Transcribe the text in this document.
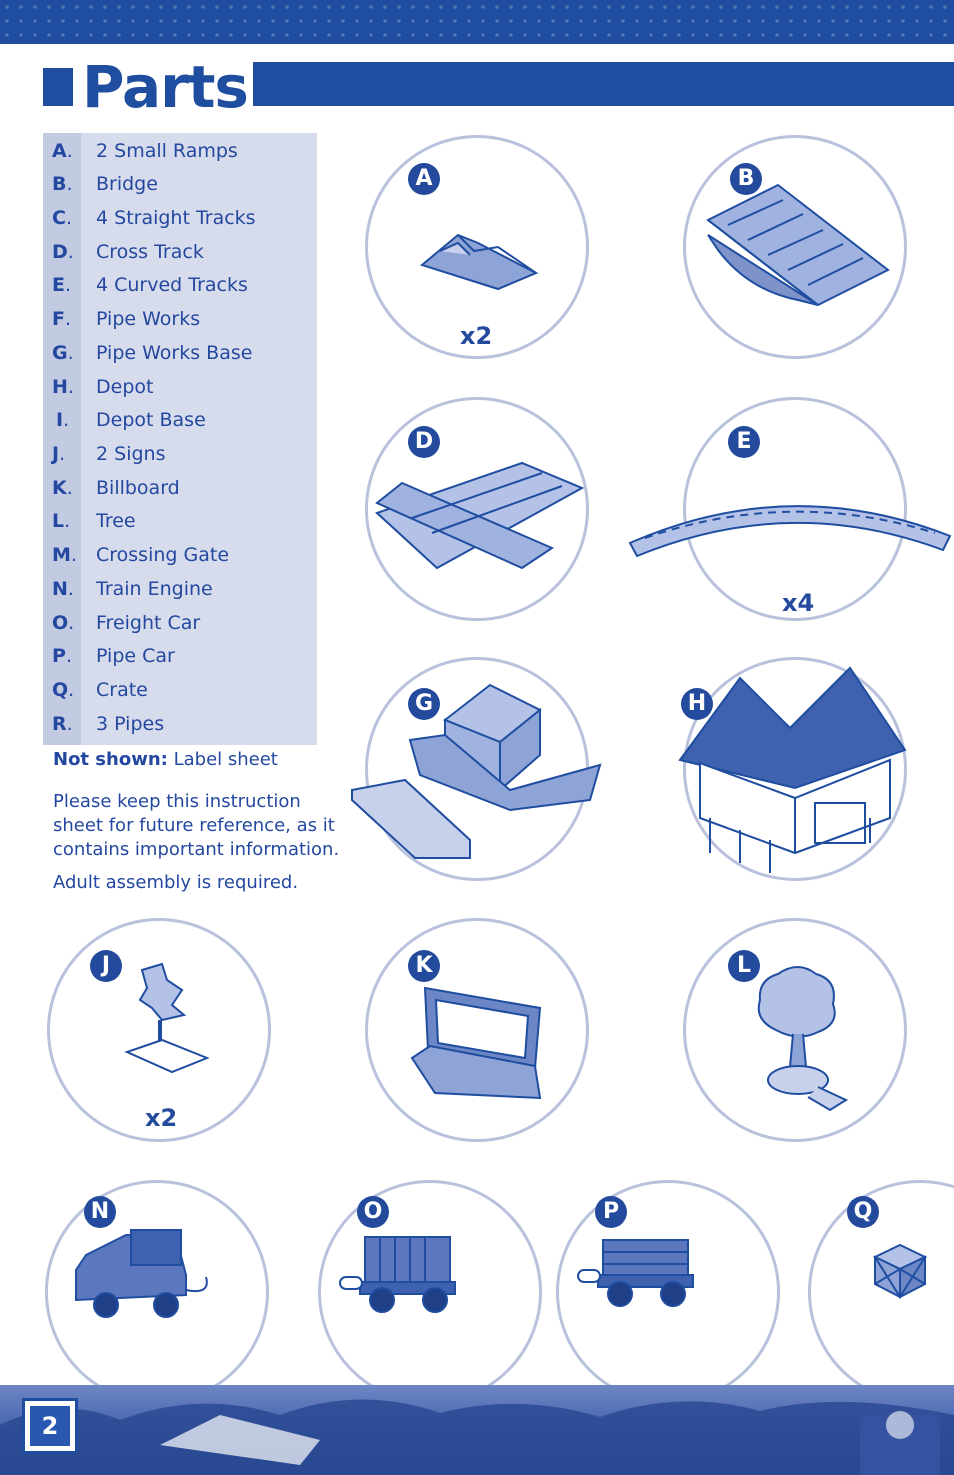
Parts
A.	2 Small Ramps
B.	Bridge
C.	4 Straight Tracks
D.	Cross Track
E.	4 Curved Tracks
F.	Pipe Works
G.	Pipe Works Base
H.	Depot
I.	Depot Base
J.	2 Signs
K.	Billboard
L.	Tree
M.	Crossing Gate
N.	Train Engine
O.	Freight Car
P.	Pipe Car
Q.	Crate
R.	3 Pipes
Not shown: Label sheet
Please keep this instruction
sheet for future reference, as it
contains important information.
Adult assembly is required.
A
x2
B
D	E
x4
G	H
J
x2
K	L
N	O	P	Q
2
